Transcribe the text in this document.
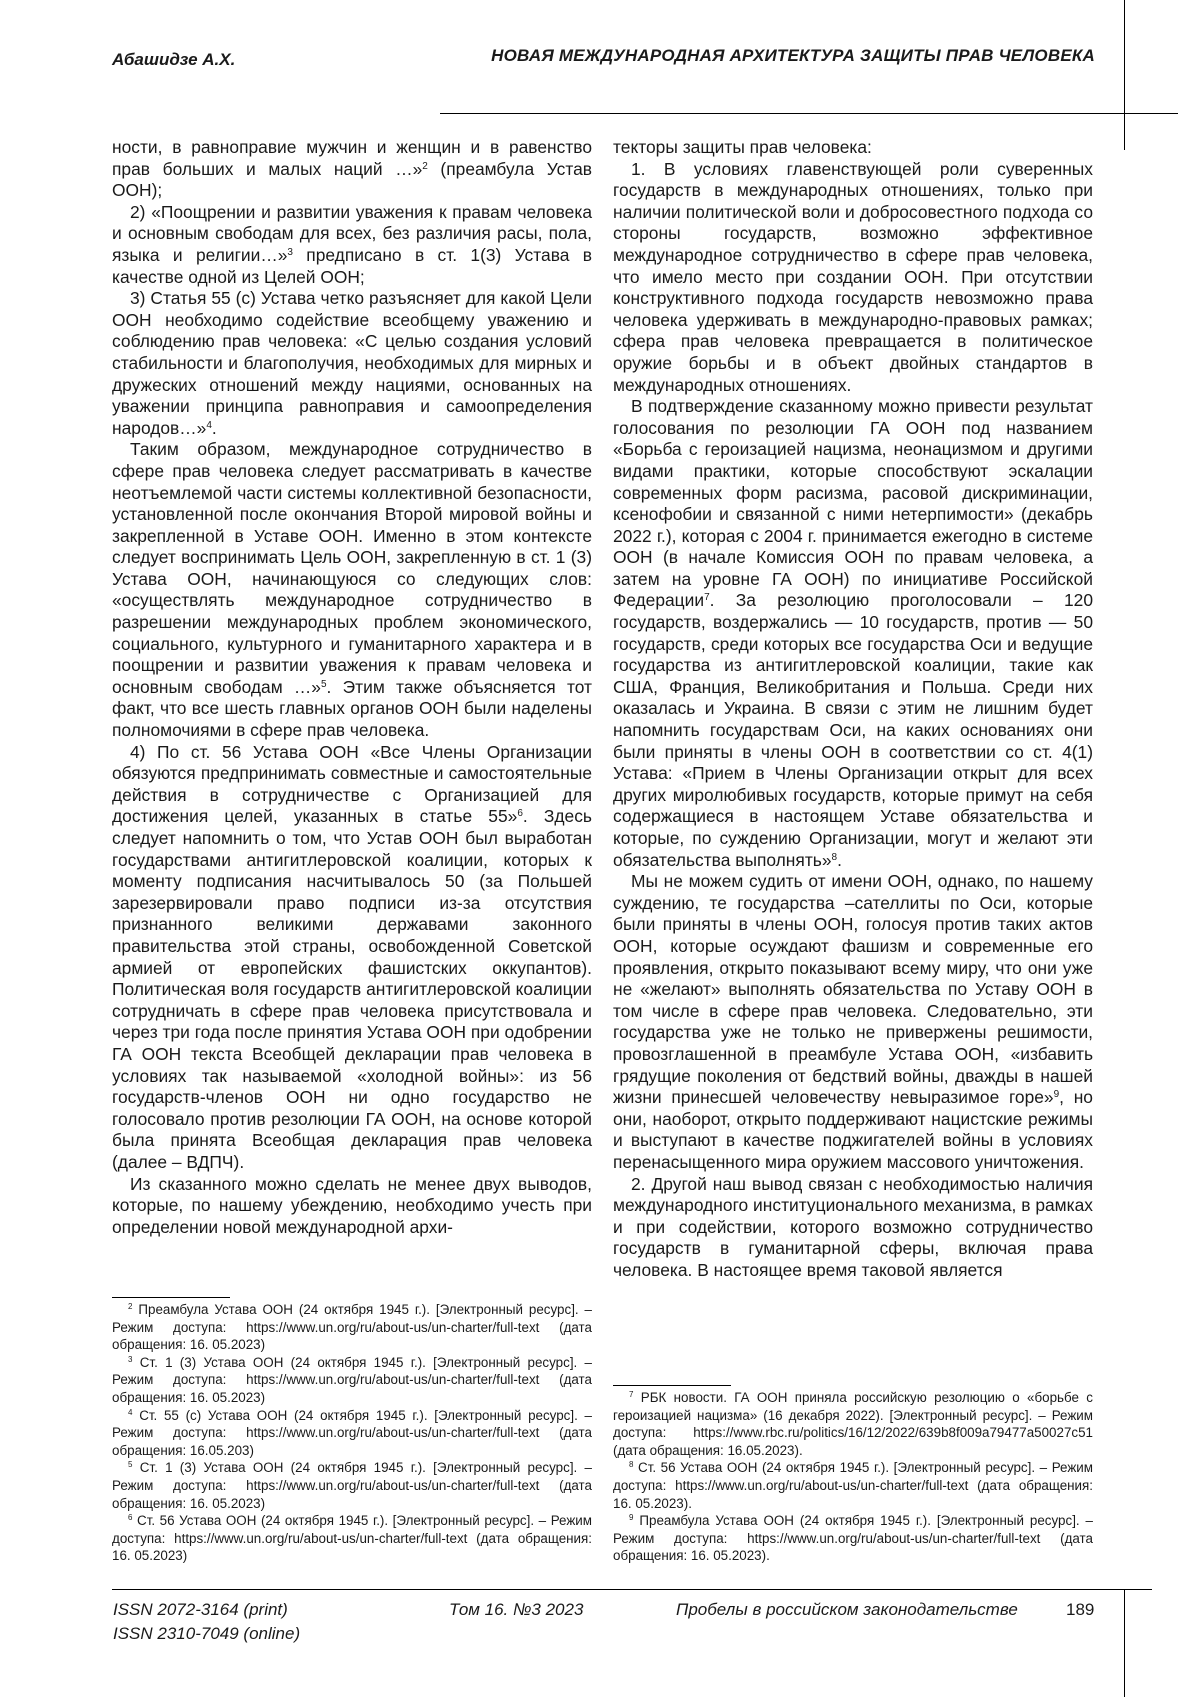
Абашидзе А.Х.	НОВАЯ МЕЖДУНАРОДНАЯ АРХИТЕКТУРА ЗАЩИТЫ ПРАВ ЧЕЛОВЕКА

ности, в равноправие мужчин и женщин и в равенство прав больших и малых наций …»$^2$ (преамбула Устав ООН);

2) «Поощрении и развитии уважения к правам человека и основным свободам для всех, без различия расы, пола, языка и религии…»$^3$ предписано в ст. 1(3) Устава в качестве одной из Целей ООН;

3) Статья 55 (с) Устава четко разъясняет для какой Цели ООН необходимо содействие всеобщему уважению и соблюдению прав человека: «С целью создания условий стабильности и благополучия, необходимых для мирных и дружеских отношений между нациями, основанных на уважении принципа равноправия и самоопределения народов…»$^4$.

Таким образом, международное сотрудничество в сфере прав человека следует рассматривать в качестве неотъемлемой части системы коллективной безопасности, установленной после окончания Второй мировой войны и закрепленной в Уставе ООН. Именно в этом контексте следует воспринимать Цель ООН, закрепленную в ст. 1 (3) Устава ООН, начинающуюся со следующих слов: «осуществлять международное сотрудничество в разрешении международных проблем экономического, социального, культурного и гуманитарного характера и в поощрении и развитии уважения к правам человека и основным свободам …»$^5$. Этим также объясняется тот факт, что все шесть главных органов ООН были наделены полномочиями в сфере прав человека.

4) По ст. 56 Устава ООН «Все Члены Организации обязуются предпринимать совместные и самостоятельные действия в сотрудничестве с Организацией для достижения целей, указанных в статье 55»$^6$. Здесь следует напомнить о том, что Устав ООН был выработан государствами антигитлеровской коалиции, которых к моменту подписания насчитывалось 50 (за Польшей зарезервировали право подписи из-за отсутствия признанного великими державами законного правительства этой страны, освобожденной Советской армией от европейских фашистских оккупантов). Политическая воля государств антигитлеровской коалиции сотрудничать в сфере прав человека присутствовала и через три года после принятия Устава ООН при одобрении ГА ООН текста Всеобщей декларации прав человека в условиях так называемой «холодной войны»: из 56 государств-членов ООН ни одно государство не голосовало против резолюции ГА ООН, на основе которой была принята Всеобщая декларация прав человека (далее – ВДПЧ).

Из сказанного можно сделать не менее двух выводов, которые, по нашему убеждению, необходимо учесть при определении новой международной архи-

текторы защиты прав человека:

1. В условиях главенствующей роли суверенных государств в международных отношениях, только при наличии политической воли и добросовестного подхода со стороны государств, возможно эффективное международное сотрудничество в сфере прав человека, что имело место при создании ООН. При отсутствии конструктивного подхода государств невозможно права человека удерживать в международно-правовых рамках; сфера прав человека превращается в политическое оружие борьбы и в объект двойных стандартов в международных отношениях.

В подтверждение сказанному можно привести результат голосования по резолюции ГА ООН под названием «Борьба с героизацией нацизма, неонацизмом и другими видами практики, которые способствуют эскалации современных форм расизма, расовой дискриминации, ксенофобии и связанной с ними нетерпимости» (декабрь 2022 г.), которая с 2004 г. принимается ежегодно в системе ООН (в начале Комиссия ООН по правам человека, а затем на уровне ГА ООН) по инициативе Российской Федерации$^7$. За резолюцию проголосовали – 120 государств, воздержались — 10 государств, против — 50 государств, среди которых все государства Оси и ведущие государства из антигитлеровской коалиции, такие как США, Франция, Великобритания и Польша. Среди них оказалась и Украина. В связи с этим не лишним будет напомнить государствам Оси, на каких основаниях они были приняты в члены ООН в соответствии со ст. 4(1) Устава: «Прием в Члены Организации открыт для всех других миролюбивых государств, которые примут на себя содержащиеся в настоящем Уставе обязательства и которые, по суждению Организации, могут и желают эти обязательства выполнять»$^8$.

Мы не можем судить от имени ООН, однако, по нашему суждению, те государства –сателлиты по Оси, которые были приняты в члены ООН, голосуя против таких актов ООН, которые осуждают фашизм и современные его проявления, открыто показывают всему миру, что они уже не «желают» выполнять обязательства по Уставу ООН в том числе в сфере прав человека. Следовательно, эти государства уже не только не привержены решимости, провозглашенной в преамбуле Устава ООН, «избавить грядущие поколения от бедствий войны, дважды в нашей жизни принесшей человечеству невыразимое горе»$^9$, но они, наоборот, открыто поддерживают нацистские режимы и выступают в качестве поджигателей войны в условиях перенасыщенного мира оружием массового уничтожения.

2. Другой наш вывод связан с необходимостью наличия международного институционального механизма, в рамках и при содействии, которого возможно сотрудничество государств в гуманитарной сферы, включая права человека. В настоящее время таковой является

$^2$ Преамбула Устава ООН (24 октября 1945 г.). [Электронный ресурс]. – Режим доступа: https://www.un.org/ru/about-us/un-charter/full-text (дата обращения: 16. 05.2023)

$^3$ Ст. 1 (3) Устава ООН (24 октября 1945 г.). [Электронный ресурс]. – Режим доступа: https://www.un.org/ru/about-us/un-charter/full-text (дата обращения: 16. 05.2023)

$^4$ Ст. 55 (с) Устава ООН (24 октября 1945 г.). [Электронный ресурс]. – Режим доступа: https://www.un.org/ru/about-us/un-charter/full-text (дата обращения: 16.05.203)

$^5$ Ст. 1 (3) Устава ООН (24 октября 1945 г.). [Электронный ресурс]. – Режим доступа: https://www.un.org/ru/about-us/un-charter/full-text (дата обращения: 16. 05.2023)

$^6$ Ст. 56 Устава ООН (24 октября 1945 г.). [Электронный ресурс]. – Режим доступа: https://www.un.org/ru/about-us/un-charter/full-text (дата обращения: 16. 05.2023)

$^7$ РБК новости. ГА ООН приняла российскую резолюцию о «борьбе с героизацией нацизма» (16 декабря 2022). [Электронный ресурс]. – Режим доступа: https://www.rbc.ru/politics/16/12/2022/639b8f009a79477a50027c51 (дата обращения: 16.05.2023).

$^8$ Ст. 56 Устава ООН (24 октября 1945 г.). [Электронный ресурс]. – Режим доступа: https://www.un.org/ru/about-us/un-charter/full-text (дата обращения: 16. 05.2023).

$^9$ Преамбула Устава ООН (24 октября 1945 г.). [Электронный ресурс]. – Режим доступа: https://www.un.org/ru/about-us/un-charter/full-text (дата обращения: 16. 05.2023).

ISSN 2072-3164 (print)
ISSN 2310-7049 (online)
Том 16. №3 2023	Пробелы в российском законодательстве	189
